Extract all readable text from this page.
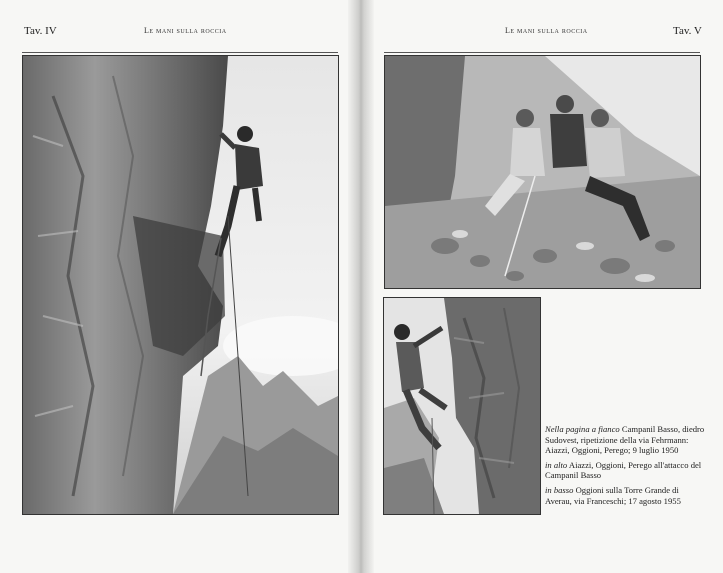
Tav. IV	Le mani sulla roccia	Le mani sulla roccia	Tav. V

Nella pagina a fianco Campanil Basso, diedro Sudovest, ripetizione della via Fehrmann: Aiazzi, Oggioni, Perego; 9 luglio 1950

in alto Aiazzi, Oggioni, Perego all'attacco del Campanil Basso

in basso Oggioni sulla Torre Grande di Averau, via Franceschi; 17 agosto 1955
